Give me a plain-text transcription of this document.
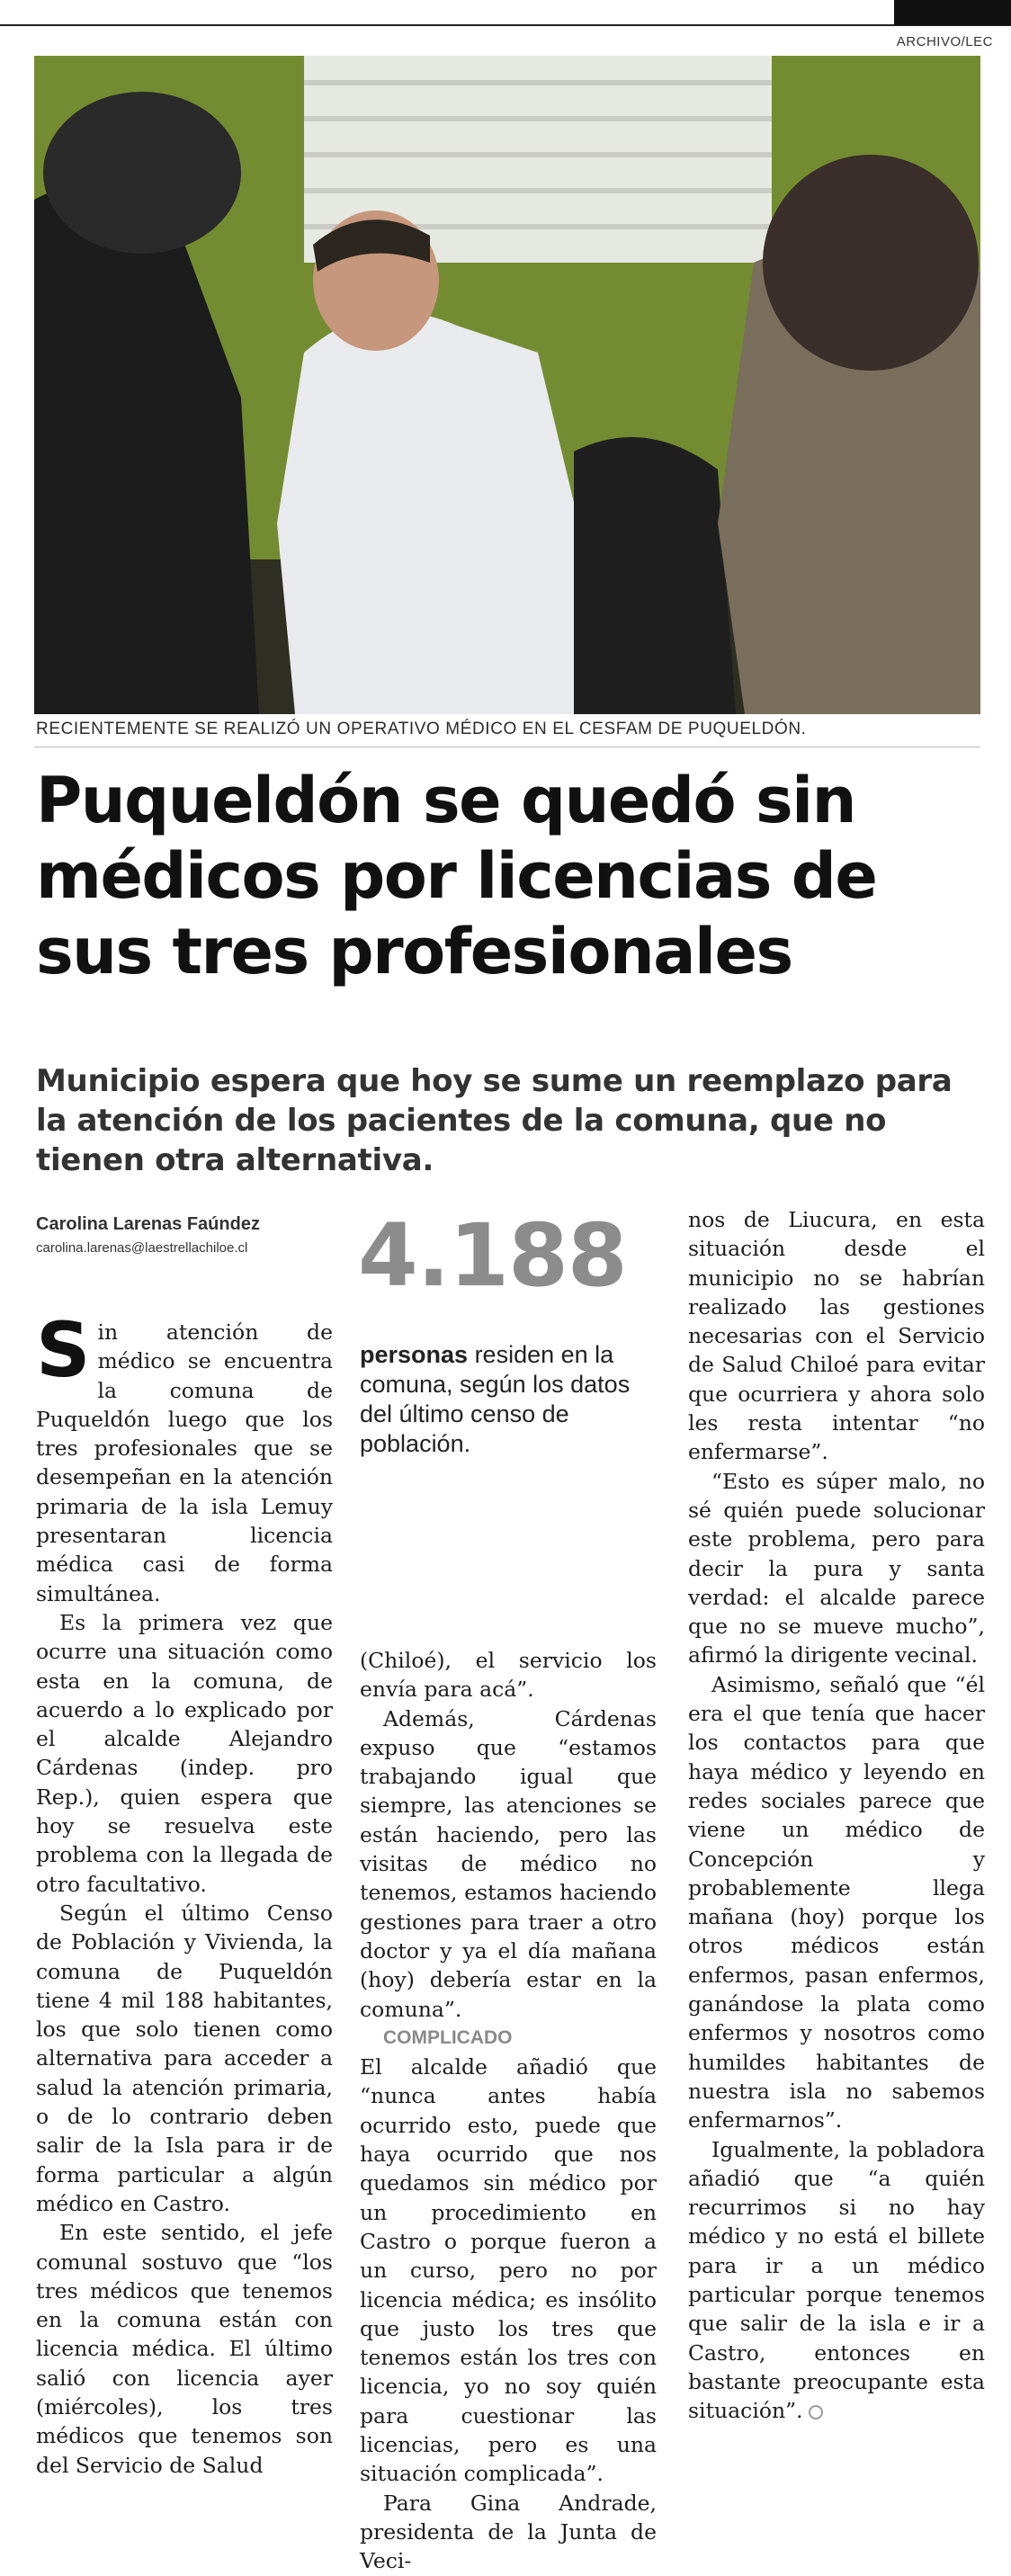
ARCHIVO/LEC
RECIENTEMENTE SE REALIZÓ UN OPERATIVO MÉDICO EN EL CESFAM DE PUQUELDÓN.
Puqueldón se quedó sin médicos por licencias de sus tres profesionales
Municipio espera que hoy se sume un reemplazo para la atención de los pacientes de la comuna, que no tienen otra alternativa.
Carolina Larenas Faúndez
carolina.larenas@laestrellachiloe.cl

Sin atención de médico se encuentra la comuna de Puqueldón luego que los tres profesionales que se desempeñan en la atención primaria de la isla Lemuy presentaran licencia médica casi de forma simultánea.

Es la primera vez que ocurre una situación como esta en la comuna, de acuerdo a lo explicado por el alcalde Alejandro Cárdenas (indep. pro Rep.), quien espera que hoy se resuelva este problema con la llegada de otro facultativo.

Según el último Censo de Población y Vivienda, la comuna de Puqueldón tiene 4 mil 188 habitantes, los que solo tienen como alternativa para acceder a salud la atención primaria, o de lo contrario deben salir de la Isla para ir de forma particular a algún médico en Castro.

En este sentido, el jefe comunal sostuvo que “los tres médicos que tenemos en la comuna están con licencia médica. El último salió con licencia ayer (miércoles), los tres médicos que tenemos son del Servicio de Salud

4.188
personas residen en la comuna, según los datos del último censo de población.

(Chiloé), el servicio los envía para acá”.

Además, Cárdenas expuso que “estamos trabajando igual que siempre, las atenciones se están haciendo, pero las visitas de médico no tenemos, estamos haciendo gestiones para traer a otro doctor y ya el día mañana (hoy) debería estar en la comuna”.

COMPLICADO

El alcalde añadió que “nunca antes había ocurrido esto, puede que haya ocurrido que nos quedamos sin médico por un procedimiento en Castro o porque fueron a un curso, pero no por licencia médica; es insólito que justo los tres que tenemos están los tres con licencia, yo no soy quién para cuestionar las licencias, pero es una situación complicada”.

Para Gina Andrade, presidenta de la Junta de Veci-

nos de Liucura, en esta situación desde el municipio no se habrían realizado las gestiones necesarias con el Servicio de Salud Chiloé para evitar que ocurriera y ahora solo les resta intentar “no enfermarse”.

“Esto es súper malo, no sé quién puede solucionar este problema, pero para decir la pura y santa verdad: el alcalde parece que no se mueve mucho”, afirmó la dirigente vecinal.

Asimismo, señaló que “él era el que tenía que hacer los contactos para que haya médico y leyendo en redes sociales parece que viene un médico de Concepción y probablemente llega mañana (hoy) porque los otros médicos están enfermos, pasan enfermos, ganándose la plata como enfermos y nosotros como humildes habitantes de nuestra isla no sabemos enfermarnos”.

Igualmente, la pobladora añadió que “a quién recurrimos si no hay médico y no está el billete para ir a un médico particular porque tenemos que salir de la isla e ir a Castro, entonces en bastante preocupante esta situación”.
